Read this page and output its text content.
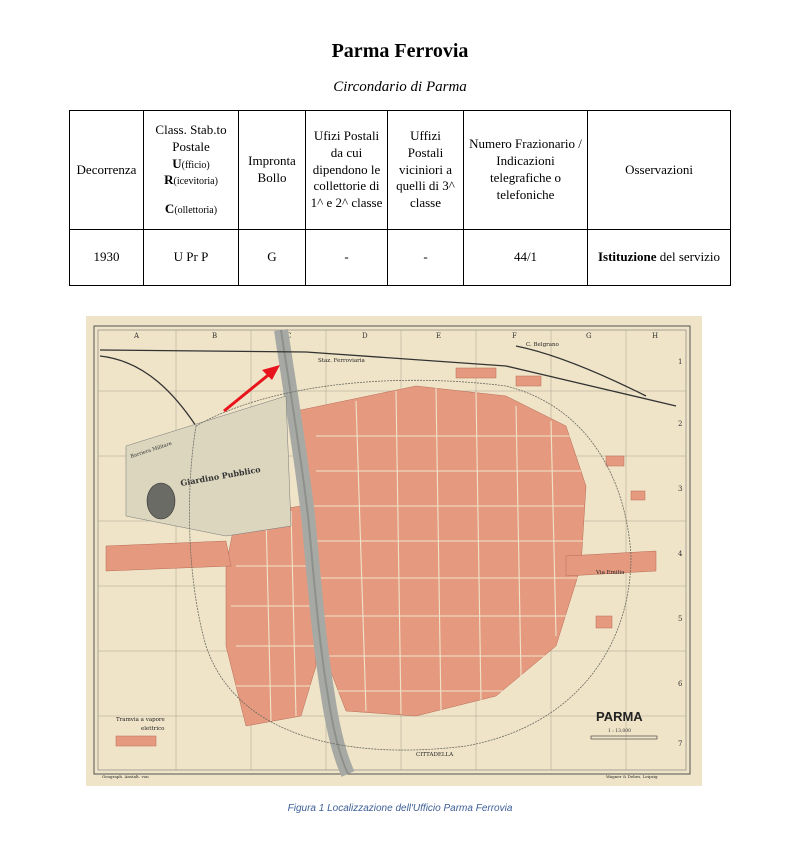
Parma Ferrovia
Circondario di Parma
Decorrenza	Class. Stab.to
Postale
U(fficio)
R(icevitoria)
C(ollettoria)	Impronta Bollo	Ufizi Postali da cui dipendono le collettorie di 1^ e 2^ classe	Uffizi Postali viciniori a quelli di 3^ classe	Numero Frazionario / Indicazioni telegrafiche o telefoniche	Osservazioni
1930	U Pr P	G	-	-	44/1	Istituzione del servizio
A	B	C	D	E	F	G	H
1
2
3
4
5
6
7
Giardino Pubblico
Barriera Militare
Staz. Ferroviaria
C. Belgrano
Via Emilia
CITTADELLA
Tramvia a vapore
elettrico
Geograph. Anstalt. von	Wagner & Debes, Leipzig
PARMA
1 : 13,000
Figura 1 Localizzazione dell'Ufficio Parma Ferrovia
